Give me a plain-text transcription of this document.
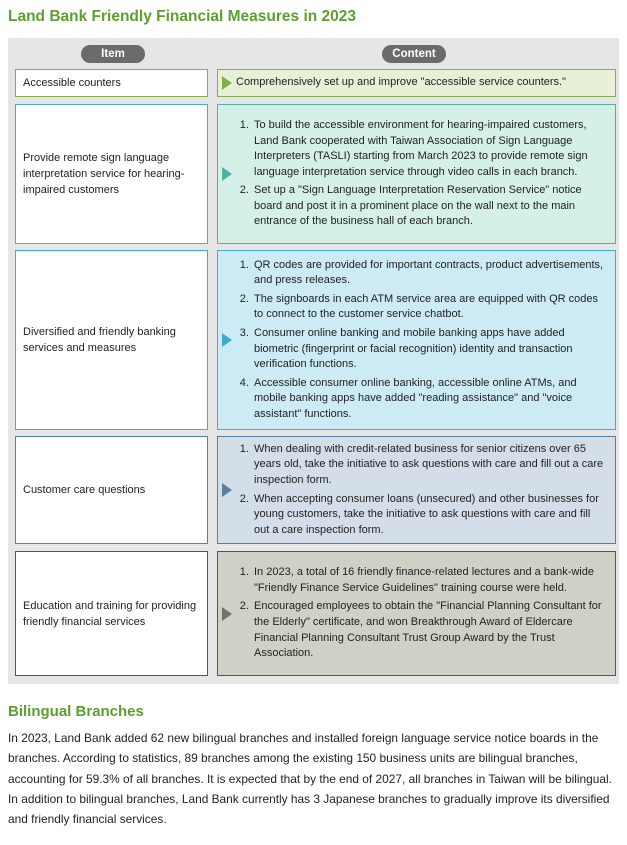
Land Bank Friendly Financial Measures in 2023
Item	Content
Accessible counters	Comprehensively set up and improve "accessible service counters."
Provide remote sign language interpretation service for hearing-impaired customers
1. To build the accessible environment for hearing-impaired customers, Land Bank cooperated with Taiwan Association of Sign Language Interpreters (TASLI) starting from March 2023 to provide remote sign language interpretation service through video calls in each branch.
2. Set up a "Sign Language Interpretation Reservation Service" notice board and post it in a prominent place on the wall next to the main entrance of the business hall of each branch.
Diversified and friendly banking services and measures
1. QR codes are provided for important contracts, product advertisements, and press releases.
2. The signboards in each ATM service area are equipped with QR codes to connect to the customer service chatbot.
3. Consumer online banking and mobile banking apps have added biometric (fingerprint or facial recognition) identity and transaction verification functions.
4. Accessible consumer online banking, accessible online ATMs, and mobile banking apps have added "reading assistance" and "voice assistant" functions.
Customer care questions
1. When dealing with credit-related business for senior citizens over 65 years old, take the initiative to ask questions with care and fill out a care inspection form.
2. When accepting consumer loans (unsecured) and other businesses for young customers, take the initiative to ask questions with care and fill out a care inspection form.
Education and training for providing friendly financial services
1. In 2023, a total of 16 friendly finance-related lectures and a bank-wide "Friendly Finance Service Guidelines" training course were held.
2. Encouraged employees to obtain the "Financial Planning Consultant for the Elderly" certificate, and won Breakthrough Award of Eldercare Financial Planning Consultant Trust Group Award by the Trust Association.
Bilingual Branches

In 2023, Land Bank added 62 new bilingual branches and installed foreign language service notice boards in the branches. According to statistics, 89 branches among the existing 150 business units are bilingual branches, accounting for 59.3% of all branches. It is expected that by the end of 2027, all branches in Taiwan will be bilingual. In addition to bilingual branches, Land Bank currently has 3 Japanese branches to gradually improve its diversified and friendly financial services.
